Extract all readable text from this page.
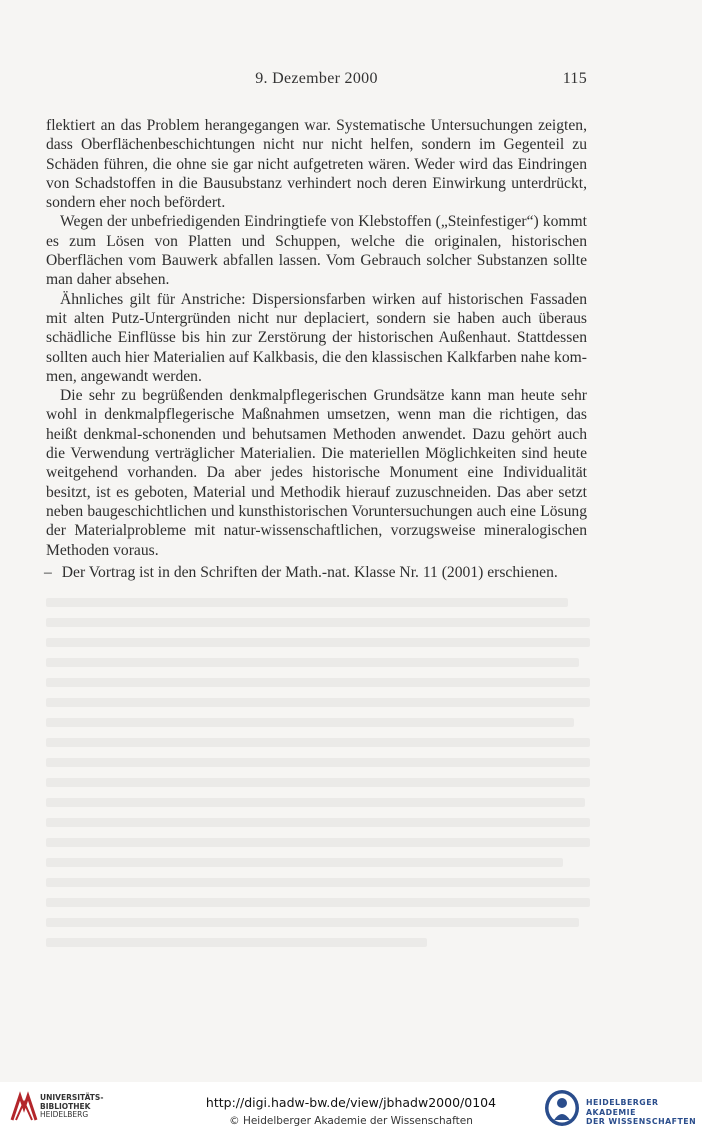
9. Dezember 2000	115

flektiert an das Problem herangegangen war. Systematische Untersuchungen zeigten, dass Oberflächenbeschichtungen nicht nur nicht helfen, sondern im Gegenteil zu Schäden führen, die ohne sie gar nicht aufgetreten wären. Weder wird das Eindringen von Schadstoffen in die Bausubstanz verhindert noch deren Einwirkung unterdrückt, sondern eher noch befördert.

Wegen der unbefriedigenden Eindringtiefe von Klebstoffen („Steinfestiger“) kommt es zum Lösen von Platten und Schuppen, welche die originalen, historischen Oberflächen vom Bauwerk abfallen lassen. Vom Gebrauch solcher Substanzen sollte man daher absehen.

Ähnliches gilt für Anstriche: Dispersionsfarben wirken auf historischen Fassaden mit alten Putz-Untergründen nicht nur deplaciert, sondern sie haben auch überaus schädliche Einflüsse bis hin zur Zerstörung der historischen Außenhaut. Stattdessen sollten auch hier Materialien auf Kalkbasis, die den klassischen Kalkfarben nahe kommen, angewandt werden.

Die sehr zu begrüßenden denkmalpflegerischen Grundsätze kann man heute sehr wohl in denkmalpflegerische Maßnahmen umsetzen, wenn man die richtigen, das heißt denkmal-schonenden und behutsamen Methoden anwendet. Dazu gehört auch die Verwendung verträglicher Materialien. Die materiellen Möglichkeiten sind heute weitgehend vorhanden. Da aber jedes historische Monument eine Individualität besitzt, ist es geboten, Material und Methodik hierauf zuzuschneiden. Das aber setzt neben baugeschichtlichen und kunsthistorischen Voruntersuchungen auch eine Lösung der Materialprobleme mit natur-wissenschaftlichen, vorzugsweise mineralogischen Methoden voraus.

– Der Vortrag ist in den Schriften der Math.-nat. Klasse Nr. 11 (2001) erschienen.
UNIVERSITÄTS-
BIBLIOTHEK
HEIDELBERG
http://digi.hadw-bw.de/view/jbhadw2000/0104
© Heidelberger Akademie der Wissenschaften
HEIDELBERGER AKADEMIE
DER WISSENSCHAFTEN
